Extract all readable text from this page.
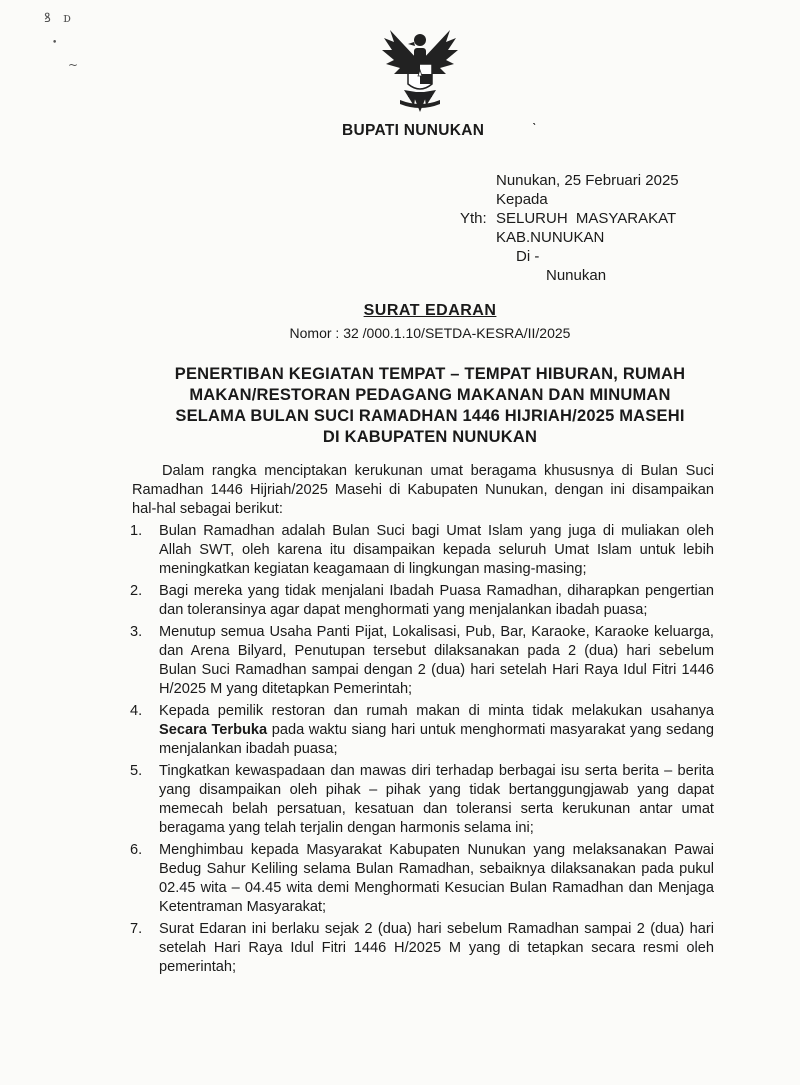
ꝸ   ᴅ
•
~
BUPATI NUNUKAN	ˋ
Nunukan, 25 Februari 2025
Kepada
Yth: SELURUH MASYARAKAT
KAB.NUNUKAN
Di -
Nunukan
SURAT EDARAN
Nomor : 32 /000.1.10/SETDA-KESRA/II/2025
PENERTIBAN KEGIATAN TEMPAT – TEMPAT HIBURAN, RUMAH
MAKAN/RESTORAN PEDAGANG MAKANAN DAN MINUMAN
SELAMA BULAN SUCI RAMADHAN 1446 HIJRIAH/2025 MASEHI
DI KABUPATEN NUNUKAN

Dalam rangka menciptakan kerukunan umat beragama khususnya di Bulan Suci Ramadhan 1446 Hijriah/2025 Masehi di Kabupaten Nunukan, dengan ini disampaikan hal-hal sebagai berikut:

1. Bulan Ramadhan adalah Bulan Suci bagi Umat Islam yang juga di muliakan oleh Allah SWT, oleh karena itu disampaikan kepada seluruh Umat Islam untuk lebih meningkatkan kegiatan keagamaan di lingkungan masing-masing;
2. Bagi mereka yang tidak menjalani Ibadah Puasa Ramadhan, diharapkan pengertian dan toleransinya agar dapat menghormati yang menjalankan ibadah puasa;
3. Menutup semua Usaha Panti Pijat, Lokalisasi, Pub, Bar, Karaoke, Karaoke keluarga, dan Arena Bilyard, Penutupan tersebut dilaksanakan pada 2 (dua) hari sebelum Bulan Suci Ramadhan sampai dengan 2 (dua) hari setelah Hari Raya Idul Fitri 1446 H/2025 M yang ditetapkan Pemerintah;
4. Kepada pemilik restoran dan rumah makan di minta tidak melakukan usahanya Secara Terbuka pada waktu siang hari untuk menghormati masyarakat yang sedang menjalankan ibadah puasa;
5. Tingkatkan kewaspadaan dan mawas diri terhadap berbagai isu serta berita – berita yang disampaikan oleh pihak – pihak yang tidak bertanggungjawab yang dapat memecah belah persatuan, kesatuan dan toleransi serta kerukunan antar umat beragama yang telah terjalin dengan harmonis selama ini;
6. Menghimbau kepada Masyarakat Kabupaten Nunukan yang melaksanakan Pawai Bedug Sahur Keliling selama Bulan Ramadhan, sebaiknya dilaksanakan pada pukul 02.45 wita – 04.45 wita demi Menghormati Kesucian Bulan Ramadhan dan Menjaga Ketentraman Masyarakat;
7. Surat Edaran ini berlaku sejak 2 (dua) hari sebelum Ramadhan sampai 2 (dua) hari setelah Hari Raya Idul Fitri 1446 H/2025 M yang di tetapkan secara resmi oleh pemerintah;
